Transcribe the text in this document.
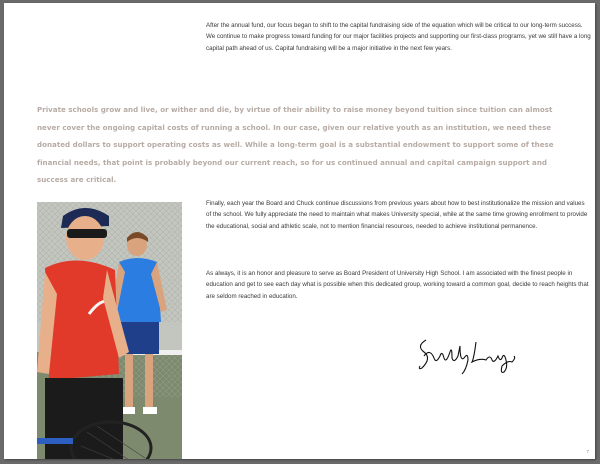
After the annual fund, our focus began to shift to the capital fundraising side of the equation which will be critical to our long-term success. We continue to make progress toward funding for our major facilities projects and supporting our first-class programs, yet we still have a long capital path ahead of us. Capital fundraising will be a major initiative in the next few years.

Private schools grow and live, or wither and die, by virtue of their ability to raise money beyond tuition since tuition can almost never cover the ongoing capital costs of running a school. In our case, given our relative youth as an institution, we need these donated dollars to support operating costs as well. While a long-term goal is a substantial endowment to support some of these financial needs, that point is probably beyond our current reach, so for us continued annual and capital campaign support and success are critical.

Finally, each year the Board and Chuck continue discussions from previous years about how to best institutionalize the mission and values of the school. We fully appreciate the need to maintain what makes University special, while at the same time growing enrollment to provide the educational, social and athletic scale, not to mention financial resources, needed to achieve institutional permanence.

As always, it is an honor and pleasure to serve as Board President of University High School. I am associated with the finest people in education and get to see each day what is possible when this dedicated group, working toward a common goal, decide to reach heights that are seldom reached in education.

7
